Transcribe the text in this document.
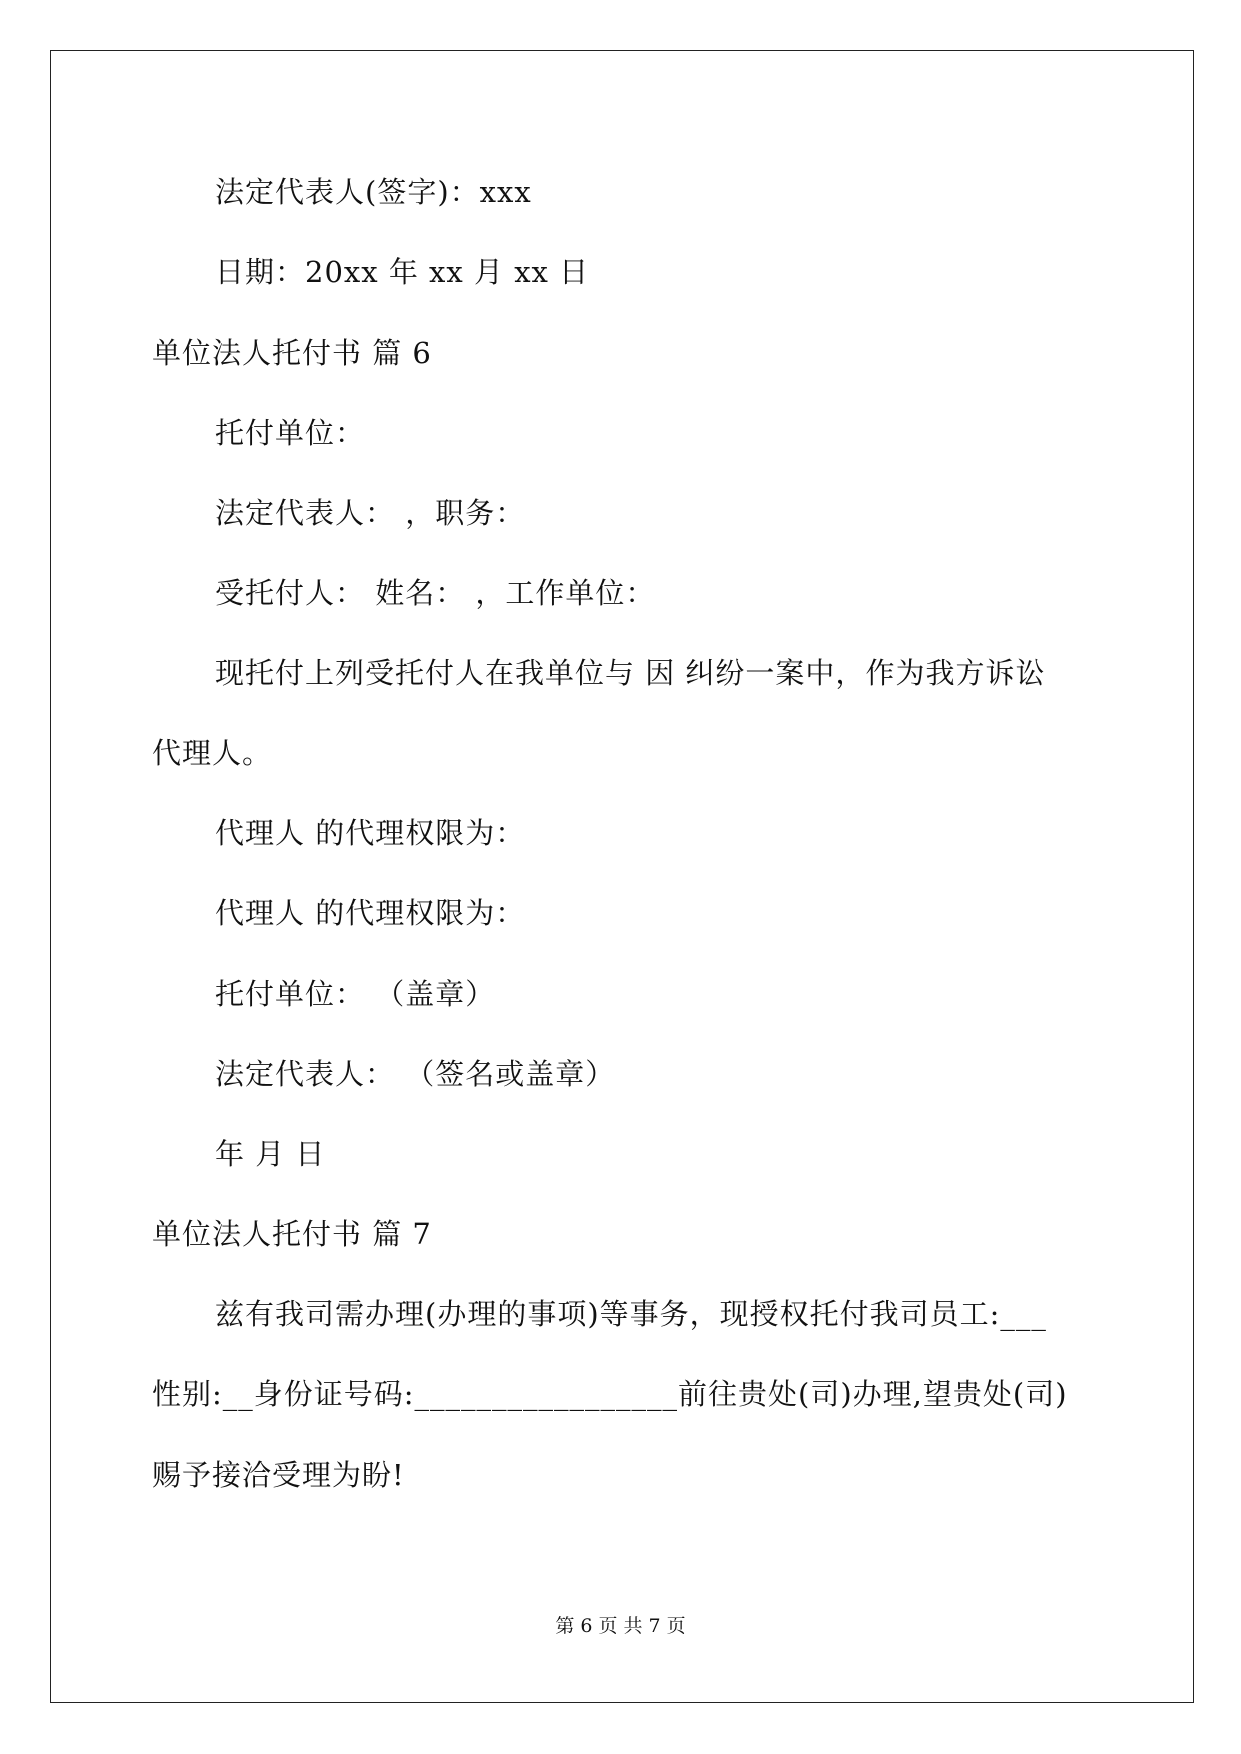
法定代表人(签字)：xxx
日期：20xx 年 xx 月 xx 日
单位法人托付书 篇 6
托付单位：
法定代表人： ，职务：
受托付人： 姓名： ，工作单位：
现托付上列受托付人在我单位与 因 纠纷一案中，作为我方诉讼
代理人。
代理人 的代理权限为：
代理人 的代理权限为：
托付单位： （盖章）
法定代表人： （签名或盖章）
年 月 日
单位法人托付书 篇 7
兹有我司需办理(办理的事项)等事务，现授权托付我司员工:___
性别:__身份证号码:_________________前往贵处(司)办理,望贵处(司)
赐予接洽受理为盼!
第 6 页 共 7 页
